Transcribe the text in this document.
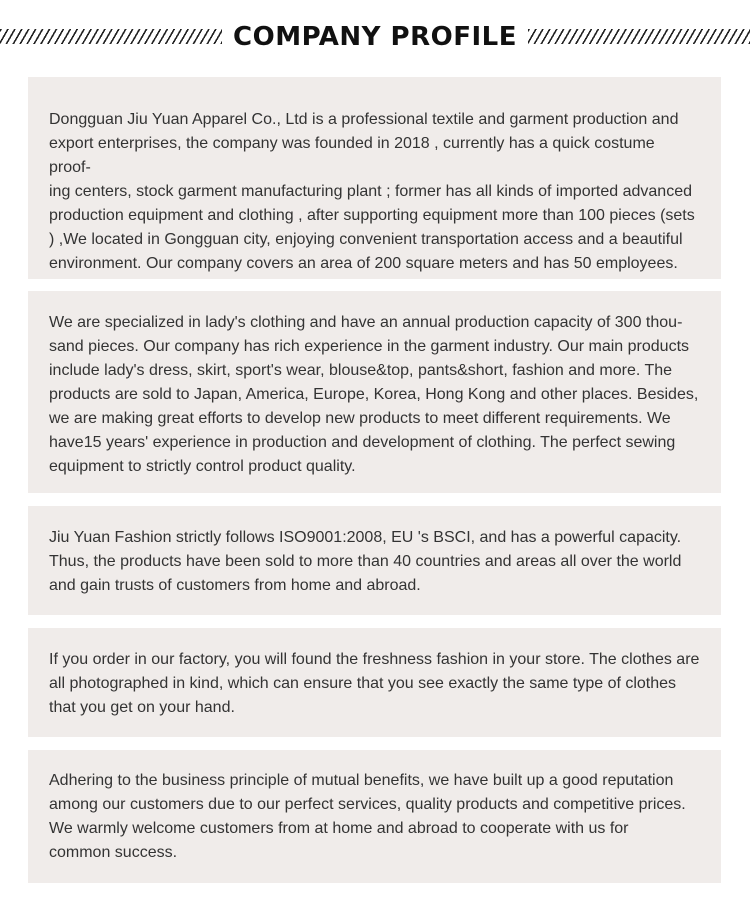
COMPANY PROFILE

Dongguan Jiu Yuan Apparel Co., Ltd is a professional textile and garment production and

export enterprises, the company was founded in 2018 , currently has a quick costume proof-

ing centers, stock garment manufacturing plant ; former has all kinds of imported advanced

production equipment and clothing , after supporting equipment more than 100 pieces (sets

) ,We located in Gongguan city, enjoying convenient transportation access and a beautiful

environment. Our company covers an area of 200 square meters and has 50 employees.

We are specialized in lady's clothing and have an annual production capacity of 300 thou-

sand pieces. Our company has rich experience in the garment industry. Our main products

include lady's dress, skirt, sport's wear, blouse&top, pants&short, fashion and more. The

products are sold to Japan, America, Europe, Korea, Hong Kong and other places. Besides,

we are making great efforts to develop new products to meet different requirements. We

have15 years' experience in production and development of clothing. The perfect sewing

equipment to strictly control product quality.

Jiu Yuan Fashion strictly follows ISO9001:2008, EU 's BSCI, and has a powerful capacity.

Thus, the products have been sold to more than 40 countries and areas all over the world

and gain trusts of customers from home and abroad.

If you order in our factory, you will found the freshness fashion in your store. The clothes are

all photographed in kind, which can ensure that you see exactly the same type of clothes

that you get on your hand.

Adhering to the business principle of mutual benefits, we have built up a good reputation

among our customers due to our perfect services, quality products and competitive prices.

We warmly welcome customers from at home and abroad to cooperate with us for

common success.
